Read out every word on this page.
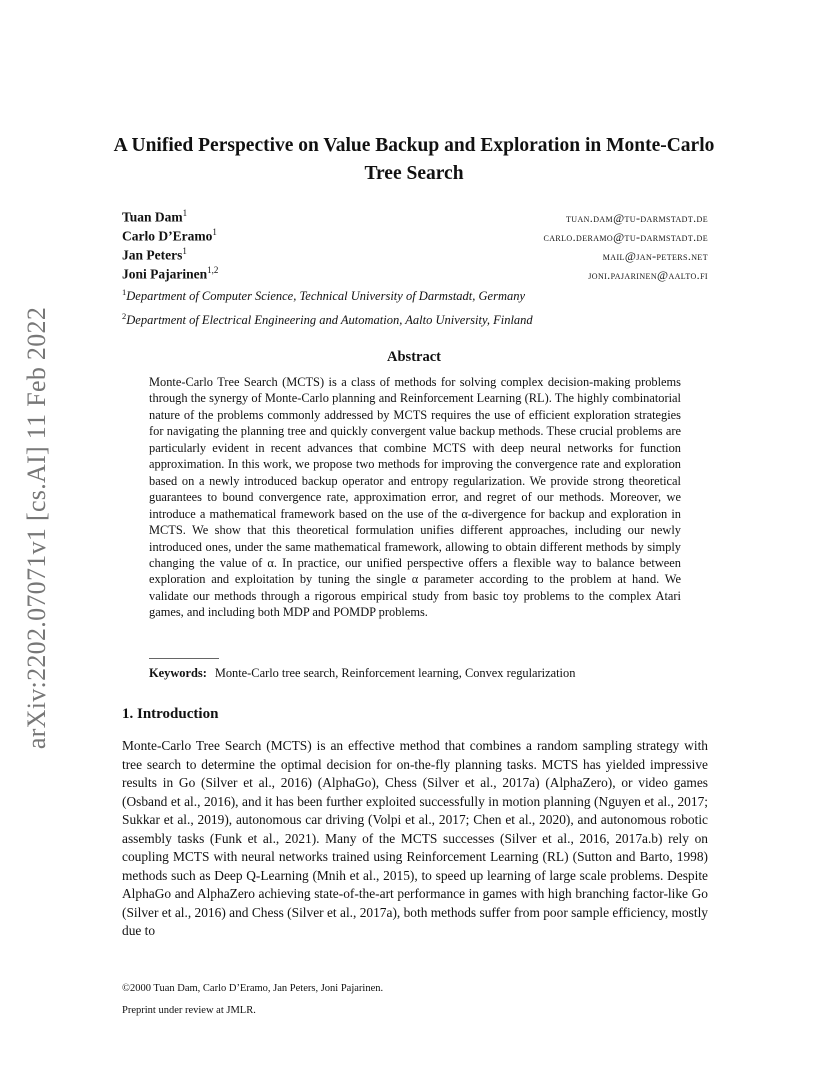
arXiv:2202.07071v1 [cs.AI] 11 Feb 2022
A Unified Perspective on Value Backup and Exploration in Monte-Carlo Tree Search
Tuan Dam$^1$	tuan.dam@tu-darmstadt.de
Carlo D’Eramo$^1$	carlo.deramo@tu-darmstadt.de
Jan Peters$^1$	mail@jan-peters.net
Joni Pajarinen$^{1,2}$	joni.pajarinen@aalto.fi
$^1$Department of Computer Science, Technical University of Darmstadt, Germany
$^2$Department of Electrical Engineering and Automation, Aalto University, Finland
Abstract

Monte-Carlo Tree Search (MCTS) is a class of methods for solving complex decision-making problems through the synergy of Monte-Carlo planning and Reinforcement Learning (RL). The highly combinatorial nature of the problems commonly addressed by MCTS requires the use of efficient exploration strategies for navigating the planning tree and quickly convergent value backup methods. These crucial problems are particularly evident in recent advances that combine MCTS with deep neural networks for function approximation. In this work, we propose two methods for improving the convergence rate and exploration based on a newly introduced backup operator and entropy regularization. We provide strong theoretical guarantees to bound convergence rate, approximation error, and regret of our methods. Moreover, we introduce a mathematical framework based on the use of the α-divergence for backup and exploration in MCTS. We show that this theoretical formulation unifies different approaches, including our newly introduced ones, under the same mathematical framework, allowing to obtain different methods by simply changing the value of α. In practice, our unified perspective offers a flexible way to balance between exploration and exploitation by tuning the single α parameter according to the problem at hand. We validate our methods through a rigorous empirical study from basic toy problems to the complex Atari games, and including both MDP and POMDP problems.

Keywords: Monte-Carlo tree search, Reinforcement learning, Convex regularization

1. Introduction

Monte-Carlo Tree Search (MCTS) is an effective method that combines a random sampling strategy with tree search to determine the optimal decision for on-the-fly planning tasks. MCTS has yielded impressive results in Go (Silver et al., 2016) (AlphaGo), Chess (Silver et al., 2017a) (AlphaZero), or video games (Osband et al., 2016), and it has been further exploited successfully in motion planning (Nguyen et al., 2017; Sukkar et al., 2019), autonomous car driving (Volpi et al., 2017; Chen et al., 2020), and autonomous robotic assembly tasks (Funk et al., 2021). Many of the MCTS successes (Silver et al., 2016, 2017a.b) rely on coupling MCTS with neural networks trained using Reinforcement Learning (RL) (Sutton and Barto, 1998) methods such as Deep Q-Learning (Mnih et al., 2015), to speed up learning of large scale problems. Despite AlphaGo and AlphaZero achieving state-of-the-art performance in games with high branching factor-like Go (Silver et al., 2016) and Chess (Silver et al., 2017a), both methods suffer from poor sample efficiency, mostly due to

©2000 Tuan Dam, Carlo D’Eramo, Jan Peters, Joni Pajarinen.

Preprint under review at JMLR.
